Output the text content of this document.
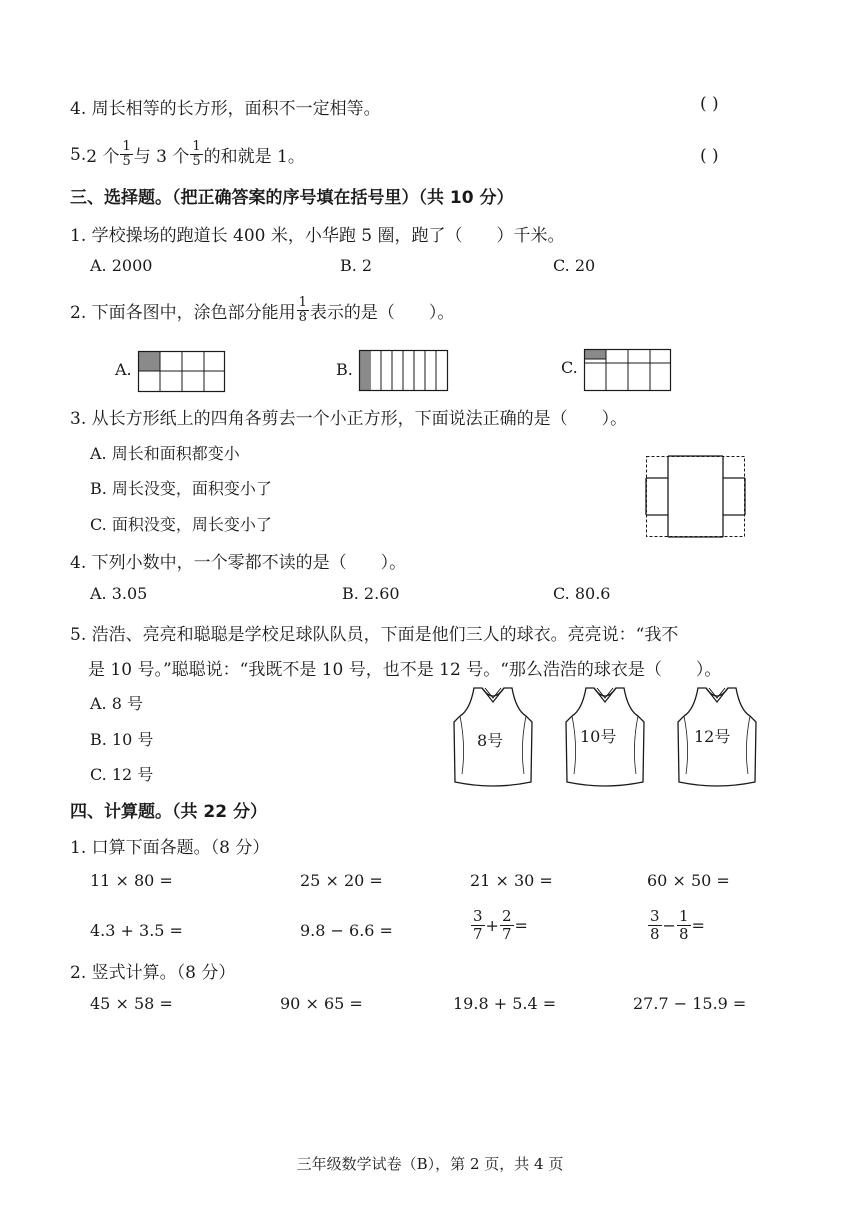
4. 周长相等的长方形，面积不一定相等。	( )
5. 2 个 $\frac{1}{5}$ 与 3 个 $\frac{1}{5}$ 的和就是 1。	( )
三、选择题。（把正确答案的序号填在括号里）（共 10 分）
1. 学校操场的跑道长 400 米，小华跑 5 圈，跑了（　　）千米。
A. 2000	B. 2	C. 20
2. 下面各图中，涂色部分能用 $\frac{1}{8}$ 表示的是（　　）。
A.	B.	C.
3. 从长方形纸上的四角各剪去一个小正方形，下面说法正确的是（　　）。
A. 周长和面积都变小
B. 周长没变，面积变小了
C. 面积没变，周长变小了
4. 下列小数中，一个零都不读的是（　　）。
A. 3.05	B. 2.60	C. 80.6
5. 浩浩、亮亮和聪聪是学校足球队队员，下面是他们三人的球衣。亮亮说：“我不
是 10 号。”聪聪说：“我既不是 10 号，也不是 12 号。“那么浩浩的球衣是（　　）。
A. 8 号
B. 10 号
C. 12 号
8号	10号	12号
四、计算题。（共 22 分）
1. 口算下面各题。（8 分）
11 × 80 =	25 × 20 =	21 × 30 =	60 × 50 =
4.3 + 3.5 =	9.8 − 6.6 =	$\frac{3}{7} + \frac{2}{7}$ =	$\frac{3}{8} - \frac{1}{8}$ =
2. 竖式计算。（8 分）
45 × 58 =	90 × 65 =	19.8 + 5.4 =	27.7 − 15.9 =
三年级数学试卷（B），第 2 页，共 4 页
